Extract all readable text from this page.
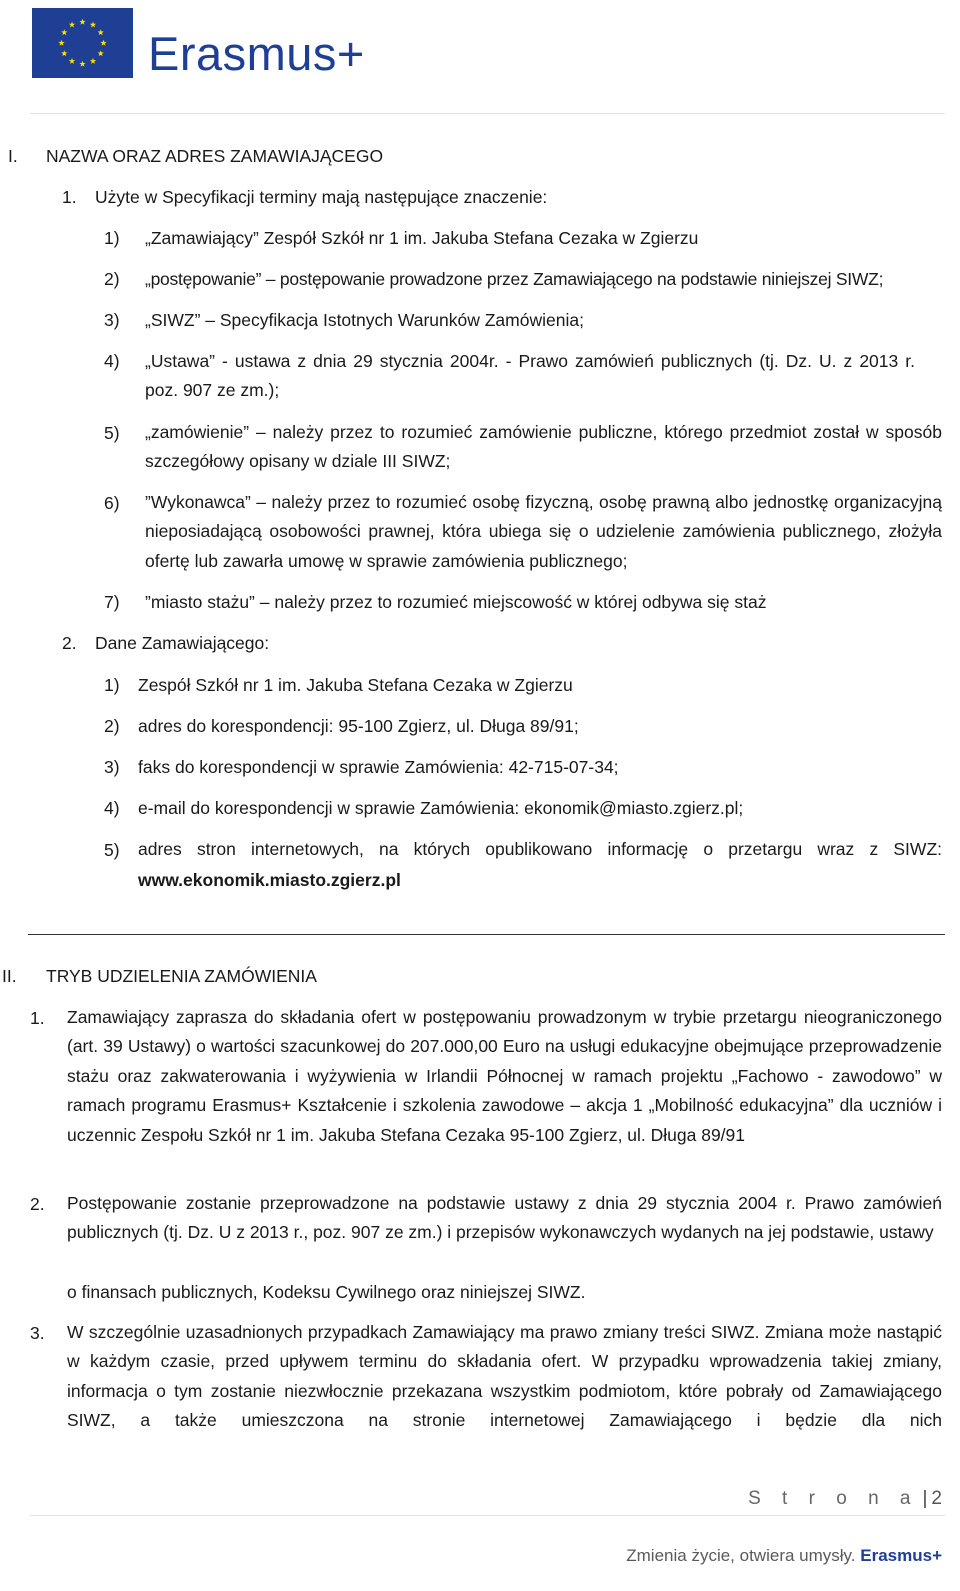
Erasmus+
I. NAZWA ORAZ ADRES ZAMAWIAJĄCEGO
1. Użyte w Specyfikacji terminy mają następujące znaczenie:
1) „Zamawiający” Zespół Szkół nr 1 im. Jakuba Stefana Cezaka w Zgierzu
2) „postępowanie” – postępowanie prowadzone przez Zamawiającego na podstawie niniejszej SIWZ;
3) „SIWZ” – Specyfikacja Istotnych Warunków Zamówienia;
4) „Ustawa” - ustawa z dnia 29 stycznia 2004r. - Prawo zamówień publicznych (tj. Dz. U. z 2013 r. poz. 907 ze zm.);
5) „zamówienie” – należy przez to rozumieć zamówienie publiczne, którego przedmiot został w sposób szczegółowy opisany w dziale III SIWZ;
6) ”Wykonawca” – należy przez to rozumieć osobę fizyczną, osobę prawną albo jednostkę organizacyjną nieposiadającą osobowości prawnej, która ubiega się o udzielenie zamówienia publicznego, złożyła ofertę lub zawarła umowę w sprawie zamówienia publicznego;
7) ”miasto stażu” – należy przez to rozumieć miejscowość w której odbywa się staż
2. Dane Zamawiającego:
1) Zespół Szkół nr 1 im. Jakuba Stefana Cezaka w Zgierzu
2) adres do korespondencji: 95-100 Zgierz, ul. Długa 89/91;
3) faks do korespondencji w sprawie Zamówienia: 42-715-07-34;
4) e-mail do korespondencji w sprawie Zamówienia: ekonomik@miasto.zgierz.pl;
5) adres stron internetowych, na których opublikowano informację o przetargu wraz z SIWZ:
www.ekonomik.miasto.zgierz.pl
II. TRYB UDZIELENIA ZAMÓWIENIA
1. Zamawiający zaprasza do składania ofert w postępowaniu prowadzonym w trybie przetargu nieograniczonego (art. 39 Ustawy) o wartości szacunkowej do 207.000,00 Euro na usługi edukacyjne obejmujące przeprowadzenie stażu oraz zakwaterowania i wyżywienia w Irlandii Północnej w ramach projektu „Fachowo - zawodowo” w ramach programu Erasmus+ Kształcenie i szkolenia zawodowe – akcja 1 „Mobilność edukacyjna” dla uczniów i uczennic Zespołu Szkół nr 1 im. Jakuba Stefana Cezaka 95-100 Zgierz, ul. Długa 89/91
2. Postępowanie zostanie przeprowadzone na podstawie ustawy z dnia 29 stycznia 2004 r. Prawo zamówień publicznych (tj. Dz. U z 2013 r., poz. 907 ze zm.) i przepisów wykonawczych wydanych na jej podstawie, ustawy
o finansach publicznych, Kodeksu Cywilnego oraz niniejszej SIWZ.
3. W szczególnie uzasadnionych przypadkach Zamawiający ma prawo zmiany treści SIWZ. Zmiana może nastąpić w każdym czasie, przed upływem terminu do składania ofert. W przypadku wprowadzenia takiej zmiany, informacja o tym zostanie niezwłocznie przekazana wszystkim podmiotom, które pobrały od Zamawiającego SIWZ, a także umieszczona na stronie internetowej Zamawiającego i będzie dla nich
S t r o n a | 2
Zmienia życie, otwiera umysły. Erasmus+
